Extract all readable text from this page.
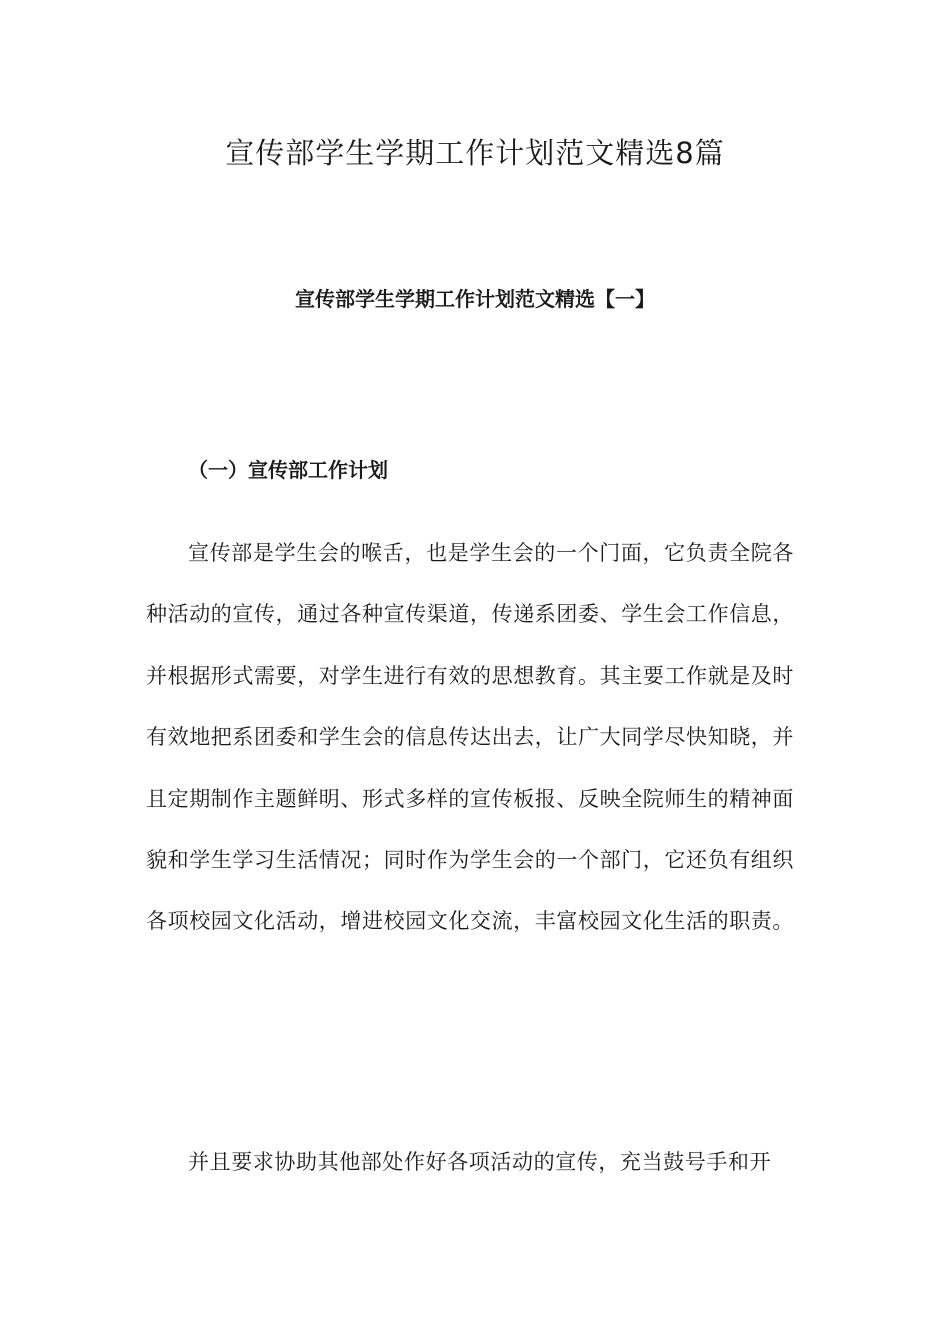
宣传部学生学期工作计划范文精选8篇
宣传部学生学期工作计划范文精选【一】
（一）宣传部工作计划

宣传部是学生会的喉舌，也是学生会的一个门面，它负责全院各种活动的宣传，通过各种宣传渠道，传递系团委、学生会工作信息，并根据形式需要，对学生进行有效的思想教育。其主要工作就是及时有效地把系团委和学生会的信息传达出去，让广大同学尽快知晓，并且定期制作主题鲜明、形式多样的宣传板报、反映全院师生的精神面貌和学生学习生活情况；同时作为学生会的一个部门，它还负有组织各项校园文化活动，增进校园文化交流，丰富校园文化生活的职责。

并且要求协助其他部处作好各项活动的宣传，充当鼓号手和开
